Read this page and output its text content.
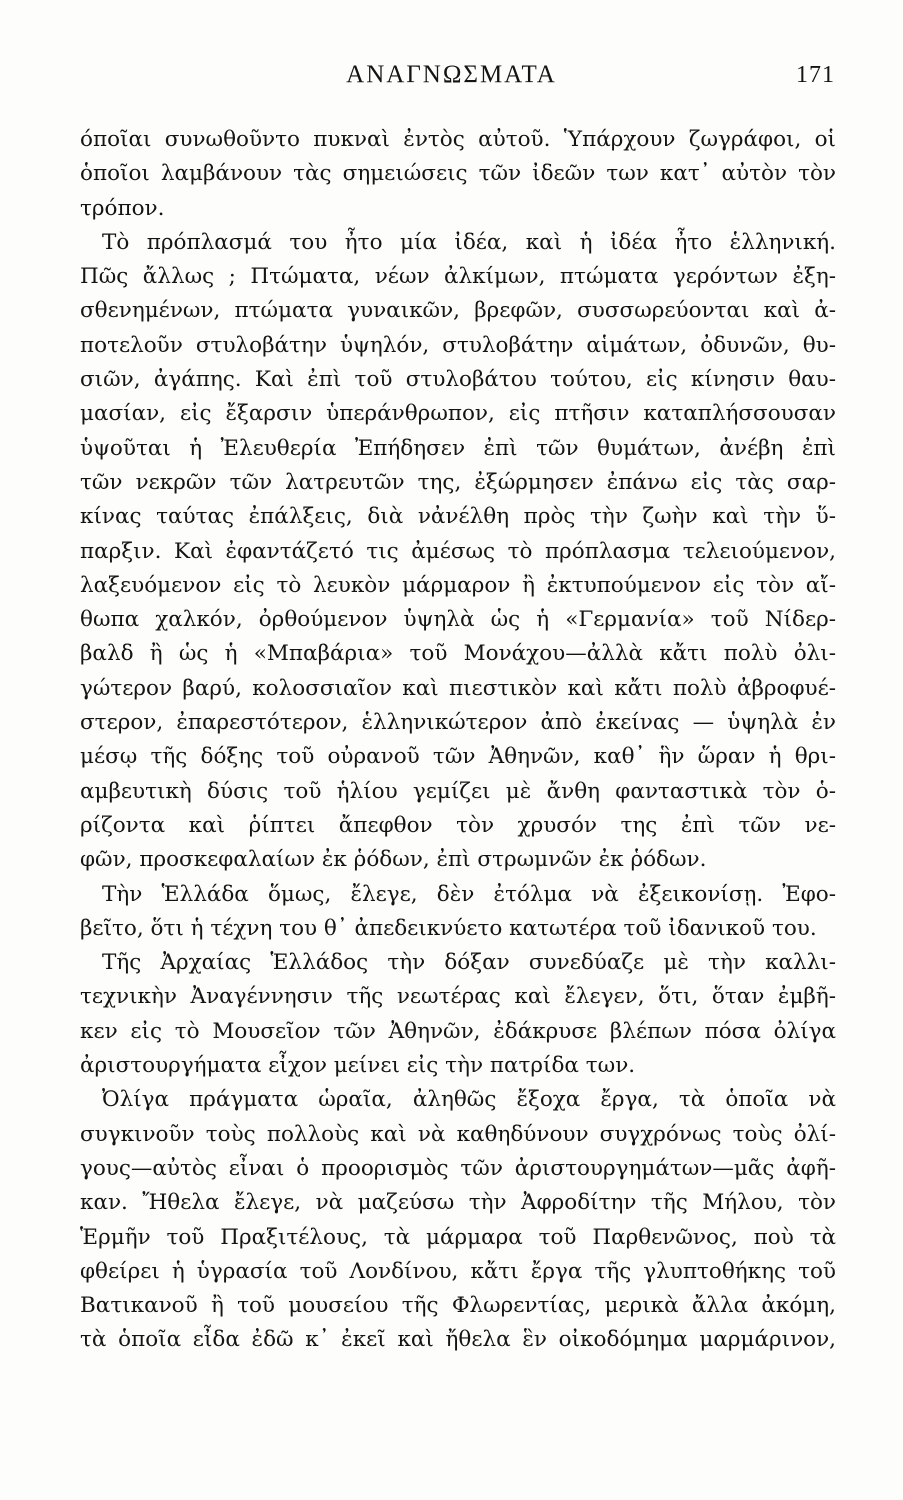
ΑΝΑΓΝΩΣΜΑΤΑ	171
όποῖαι συνωθοῦντο πυκναὶ ἐντὸς αὐτοῦ. Ὑπάρχουν ζωγράφοι, οἱ
ὁποῖοι λαμβάνουν τὰς σημειώσεις τῶν ἰδεῶν των κατ᾽ αὐτὸν τὸν
τρόπον.
Τὸ πρόπλασμά του ἦτο μία ἰδέα, καὶ ἡ ἰδέα ἦτο ἑλληνική.
Πῶς ἄλλως ; Πτώματα, νέων ἀλκίμων, πτώματα γερόντων ἐξη-
σθενημένων, πτώματα γυναικῶν, βρεφῶν, συσσωρεύονται καὶ ἀ-
ποτελοῦν στυλοβάτην ὑψηλόν, στυλοβάτην αἱμάτων, ὀδυνῶν, θυ-
σιῶν, ἀγάπης. Καὶ ἐπὶ τοῦ στυλοβάτου τούτου, εἰς κίνησιν θαυ-
μασίαν, εἰς ἔξαρσιν ὑπεράνθρωπον, εἰς πτῆσιν καταπλήσσουσαν
ὑψοῦται ἡ Ἐλευθερία Ἐπήδησεν ἐπὶ τῶν θυμάτων, ἀνέβη ἐπὶ
τῶν νεκρῶν τῶν λατρευτῶν της, ἐξώρμησεν ἐπάνω εἰς τὰς σαρ-
κίνας ταύτας ἐπάλξεις, διὰ νἀνέλθη πρὸς τὴν ζωὴν καὶ τὴν ὕ-
παρξιν. Καὶ ἐφαντάζετό τις ἀμέσως τὸ πρόπλασμα τελειούμενον,
λαξευόμενον εἰς τὸ λευκὸν μάρμαρον ἢ ἐκτυπούμενον εἰς τὸν αἴ-
θωπα χαλκόν, ὀρθούμενον ὑψηλὰ ὡς ἡ «Γερμανία» τοῦ Νίδερ-
βαλδ ἢ ὡς ἡ «Μπαβάρια» τοῦ Μονάχου—ἀλλὰ κἄτι πολὺ ὀλι-
γώτερον βαρύ, κολοσσιαῖον καὶ πιεστικὸν καὶ κἄτι πολὺ ἀβροφυέ-
στερον, ἐπαρεστότερον, ἑλληνικώτερον ἀπὸ ἐκείνας — ὑψηλὰ ἐν
μέσῳ τῆς δόξης τοῦ οὐρανοῦ τῶν Ἀθηνῶν, καθ᾽ ἣν ὥραν ἡ θρι-
αμβευτικὴ δύσις τοῦ ἡλίου γεμίζει μὲ ἄνθη φανταστικὰ τὸν ὁ-
ρίζοντα καὶ ῥίπτει ἄπεφθον τὸν χρυσόν της ἐπὶ τῶν νε-
φῶν, προσκεφαλαίων ἐκ ῥόδων, ἐπὶ στρωμνῶν ἐκ ῥόδων.
Τὴν Ἑλλάδα ὅμως, ἔλεγε, δὲν ἐτόλμα νὰ ἐξεικονίσῃ. Ἐφο-
βεῖτο, ὅτι ἡ τέχνη του θ᾽ ἀπεδεικνύετο κατωτέρα τοῦ ἰδανικοῦ του.
Τῆς Ἀρχαίας Ἑλλάδος τὴν δόξαν συνεδύαζε μὲ τὴν καλλι-
τεχνικὴν Ἀναγέννησιν τῆς νεωτέρας καὶ ἔλεγεν, ὅτι, ὅταν ἐμβῆ-
κεν εἰς τὸ Μουσεῖον τῶν Ἀθηνῶν, ἐδάκρυσε βλέπων πόσα ὀλίγα
ἀριστουργήματα εἶχον μείνει εἰς τὴν πατρίδα των.
Ὀλίγα πράγματα ὡραῖα, ἀληθῶς ἔξοχα ἔργα, τὰ ὁποῖα νὰ
συγκινοῦν τοὺς πολλοὺς καὶ νὰ καθηδύνουν συγχρόνως τοὺς ὀλί-
γους—αὐτὸς εἶναι ὁ προορισμὸς τῶν ἀριστουργημάτων—μᾶς ἀφῆ-
καν. Ἤθελα ἔλεγε, νὰ μαζεύσω τὴν Ἀφροδίτην τῆς Μήλου, τὸν
Ἑρμῆν τοῦ Πραξιτέλους, τὰ μάρμαρα τοῦ Παρθενῶνος, ποὺ τὰ
φθείρει ἡ ὑγρασία τοῦ Λονδίνου, κἄτι ἔργα τῆς γλυπτοθήκης τοῦ
Βατικανοῦ ἢ τοῦ μουσείου τῆς Φλωρεντίας, μερικὰ ἄλλα ἀκόμη,
τὰ ὁποῖα εἶδα ἐδῶ κ᾽ ἐκεῖ καὶ ἤθελα ἓν οἰκοδόμημα μαρμάρινον,
